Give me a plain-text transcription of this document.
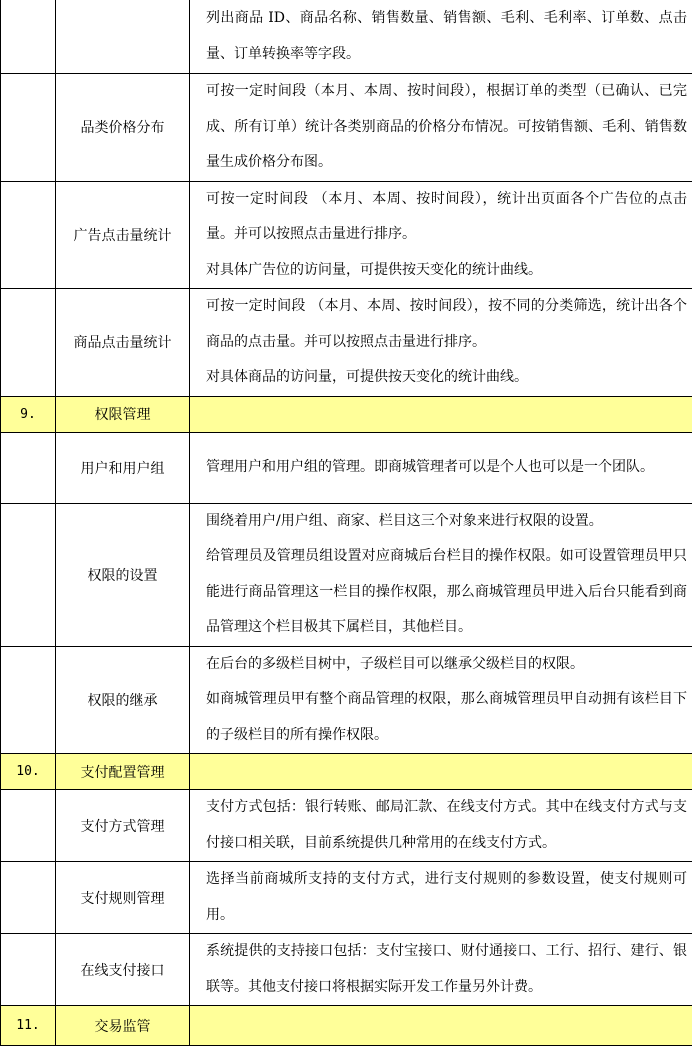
		列出商品 ID、商品名称、销售数量、销售额、毛利、毛利率、订单数、点击量、订单转换率等字段。

	品类价格分布	可按一定时间段（本月、本周、按时间段），根据订单的类型（已确认、已完成、所有订单）统计各类别商品的价格分布情况。可按销售额、毛利、销售数量生成价格分布图。

	广告点击量统计	可按一定时间段 （本月、本周、按时间段），统计出页面各个广告位的点击量。并可以按照点击量进行排序。

对具体广告位的访问量，可提供按天变化的统计曲线。

	商品点击量统计	可按一定时间段 （本月、本周、按时间段），按不同的分类筛选，统计出各个商品的点击量。并可以按照点击量进行排序。

对具体商品的访问量，可提供按天变化的统计曲线。

9.	权限管理	
	用户和用户组	管理用户和用户组的管理。即商城管理者可以是个人也可以是一个团队。

	权限的设置	围绕着用户/用户组、商家、栏目这三个对象来进行权限的设置。

给管理员及管理员组设置对应商城后台栏目的操作权限。如可设置管理员甲只能进行商品管理这一栏目的操作权限，那么商城管理员甲进入后台只能看到商品管理这个栏目极其下属栏目，其他栏目。

	权限的继承	在后台的多级栏目树中，子级栏目可以继承父级栏目的权限。

如商城管理员甲有整个商品管理的权限，那么商城管理员甲自动拥有该栏目下的子级栏目的所有操作权限。

10.	支付配置管理	
	支付方式管理	支付方式包括：银行转账、邮局汇款、在线支付方式。其中在线支付方式与支付接口相关联，目前系统提供几种常用的在线支付方式。

	支付规则管理	选择当前商城所支持的支付方式，进行支付规则的参数设置，使支付规则可用。

	在线支付接口	系统提供的支持接口包括：支付宝接口、财付通接口、工行、招行、建行、银联等。其他支付接口将根据实际开发工作量另外计费。

11.	交易监管	
